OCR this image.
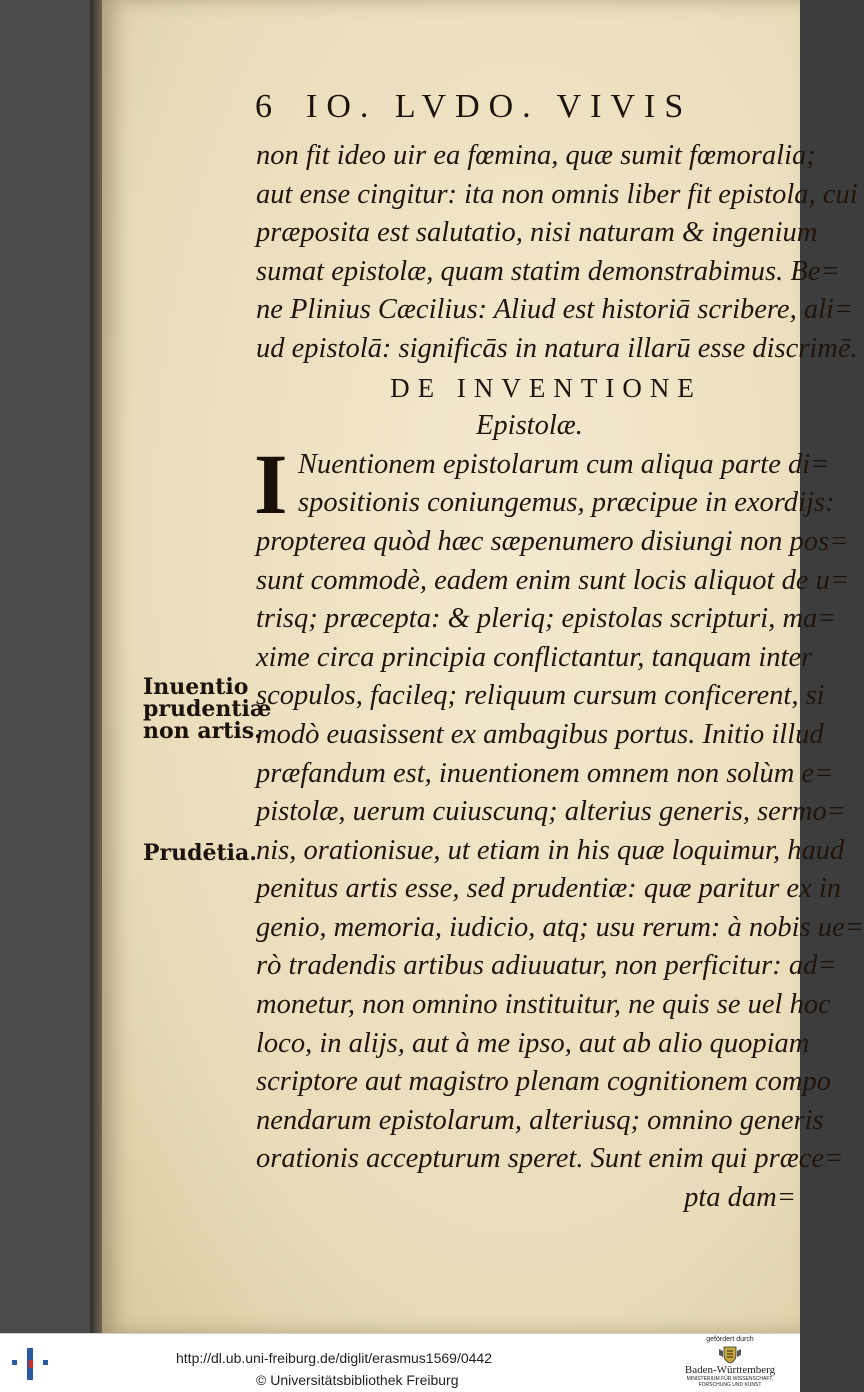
6 IO. LVDO. VIVIS
non fit ideo uir ea fœmina, quæ sumit fœmoralia;
aut ense cingitur: ita non omnis liber fit epistola, cui
præposita est salutatio, nisi naturam & ingenium
sumat epistolæ, quam statim demonstrabimus. Be=
ne Plinius Cæcilius: Aliud est historiā scribere, ali=
ud epistolā: significās in natura illarū esse discrimē.
DE INVENTIONE
Epistolæ.
I Nuentionem epistolarum cum aliqua parte di=
spositionis coniungemus, præcipue in exordijs:
propterea quòd hæc sæpenumero disiungi non pos=
sunt commodè, eadem enim sunt locis aliquot de u=
trisq; præcepta: & pleriq; epistolas scripturi, ma=
xime circa principia conflictantur, tanquam inter
scopulos, facileq; reliquum cursum conficerent, si
modò euasissent ex ambagibus portus. Initio illud
præfandum est, inuentionem omnem non solùm e=
pistolæ, uerum cuiuscunq; alterius generis, sermo=
nis, orationisue, ut etiam in his quæ loquimur, haud
penitus artis esse, sed prudentiæ: quæ paritur ex in
genio, memoria, iudicio, atq; usu rerum: à nobis ue=
rò tradendis artibus adiuuatur, non perficitur: ad=
monetur, non omnino instituitur, ne quis se uel hoc
loco, in alijs, aut à me ipso, aut ab alio quopiam
scriptore aut magistro plenam cognitionem compo
nendarum epistolarum, alteriusq; omnino generis
orationis accepturum speret. Sunt enim qui præce=
pta dam=
Inuentio
prudentiæ
non artis.
Prudētia.
http://dl.ub.uni-freiburg.de/diglit/erasmus1569/0442
© Universitätsbibliothek Freiburg
gefördert durch
Baden-Württemberg
MINISTERIUM FÜR WISSENSCHAFT, FORSCHUNG UND KUNST
